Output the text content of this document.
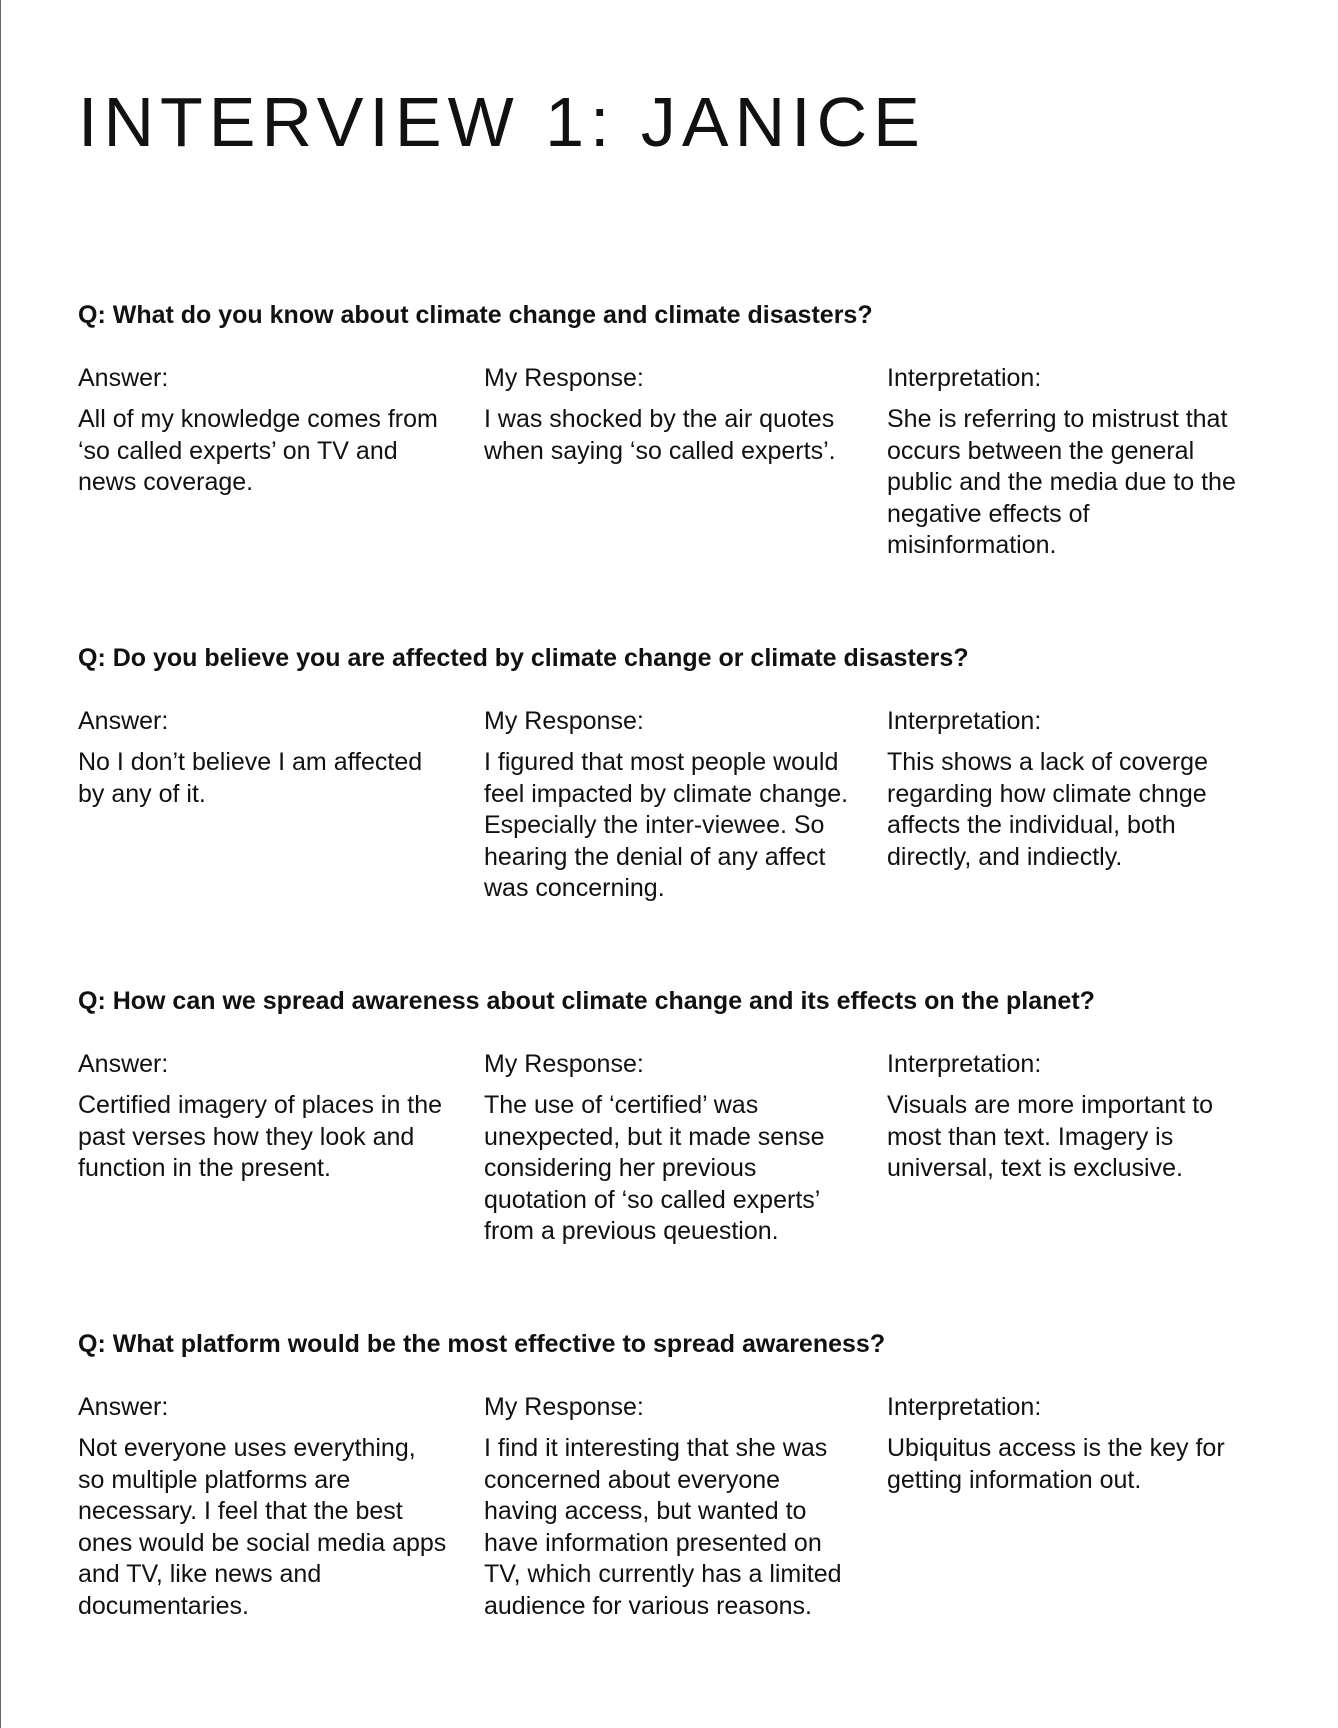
INTERVIEW 1: JANICE
Q: What do you know about climate change and climate disasters?
Answer:

All of my knowledge comes from ‘so called experts’ on TV and news coverage.

My Response:

I was shocked by the air quotes when saying ‘so called experts’.

Interpretation:

She is referring to mistrust that occurs between the general public and the media due to the negative effects of misinformation.

Q: Do you believe you are affected by climate change or climate disasters?
Answer:

No I don’t believe I am affected by any of it.

My Response:

I figured that most people would feel impacted by climate change. Especially the inter-viewee. So hearing the denial of any affect was concerning.

Interpretation:

This shows a lack of coverge regarding how climate chnge affects the individual, both directly, and indiectly.

Q: How can we spread awareness about climate change and its effects on the planet?
Answer:

Certified imagery of places in the past verses how they look and function in the present.

My Response:

The use of ‘certified’ was unexpected, but it made sense considering her previous quotation of ‘so called experts’ from a previous qeuestion.

Interpretation:

Visuals are more important to most than text. Imagery is universal, text is exclusive.

Q: What platform would be the most effective to spread awareness?
Answer:

Not everyone uses everything, so multiple platforms are necessary. I feel that the best ones would be social media apps and TV, like news and documentaries.

My Response:

I find it interesting that she was concerned about everyone having access, but wanted to have information presented on TV, which currently has a limited audience for various reasons.

Interpretation:

Ubiquitus access is the key for getting information out.
